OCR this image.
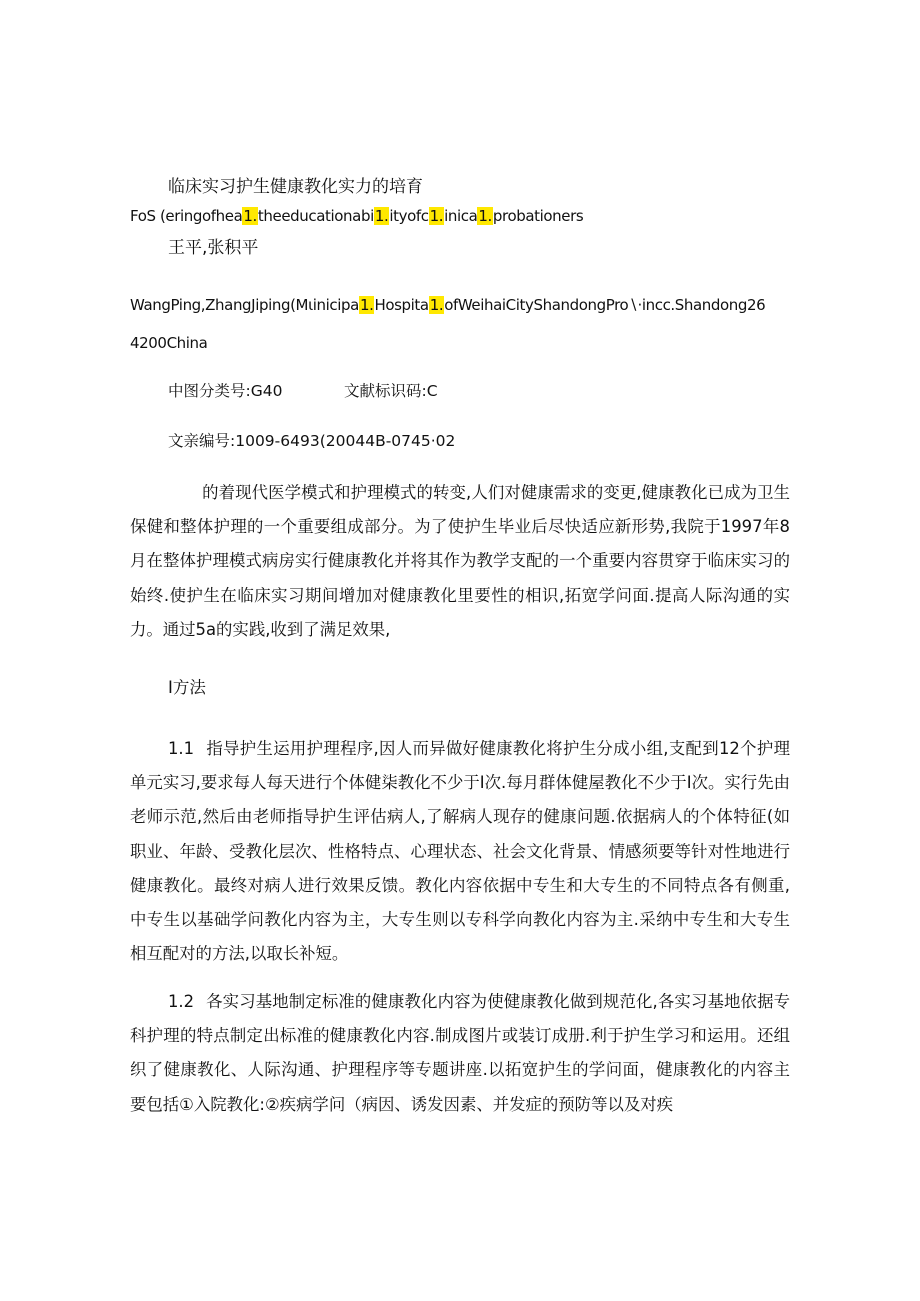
临床实习护生健康教化实力的培育
FoS (eringofhea1.theeducationabi1.ityofc1.inica1.probationers
王平,张积平
WangPing,ZhangJiping(Mιinicipa1.Hospita1.ofWeihaiCityShandongPro∖·incc.Shandong26
4200China
中图分类号:G40	文献标识码:C
文亲编号:1009-6493(20044B-0745·02

的着现代医学模式和护理模式的转变,人们对健康需求的变更,健康教化已成为卫生保健和整体护理的一个重要组成部分。为了使护生毕业后尽快适应新形势,我院于1997年8月在整体护理模式病房实行健康教化并将其作为教学支配的一个重要内容贯穿于临床实习的始终.使护生在临床实习期间增加对健康教化里要性的相识,拓宽学问面.提高人际沟通的实力。通过5a的实践,收到了满足效果,

I方法

1.1 指导护生运用护理程序,因人而异做好健康教化将护生分成小组,支配到12个护理单元实习,要求每人每天进行个体健柒教化不少于I次.每月群体健屋教化不少于I次。实行先由老师示范,然后由老师指导护生评估病人,了解病人现存的健康问题.依据病人的个体特征(如职业、年龄、受教化层次、性格特点、心理状态、社会文化背景、情感须要等针对性地进行健康教化。最终对病人进行效果反馈。教化内容依据中专生和大专生的不同特点各有侧重,中专生以基础学问教化内容为主，大专生则以专科学向教化内容为主.采纳中专生和大专生相互配对的方法,以取长补短。

1.2 各实习基地制定标准的健康教化内容为使健康教化做到规范化,各实习基地依据专科护理的特点制定出标准的健康教化内容.制成图片或装订成册.利于护生学习和运用。还组织了健康教化、人际沟通、护理程序等专题讲座.以拓宽护生的学问面，健康教化的内容主要包括①入院教化:②疾病学问（病因、诱发因素、并发症的预防等以及对疾
